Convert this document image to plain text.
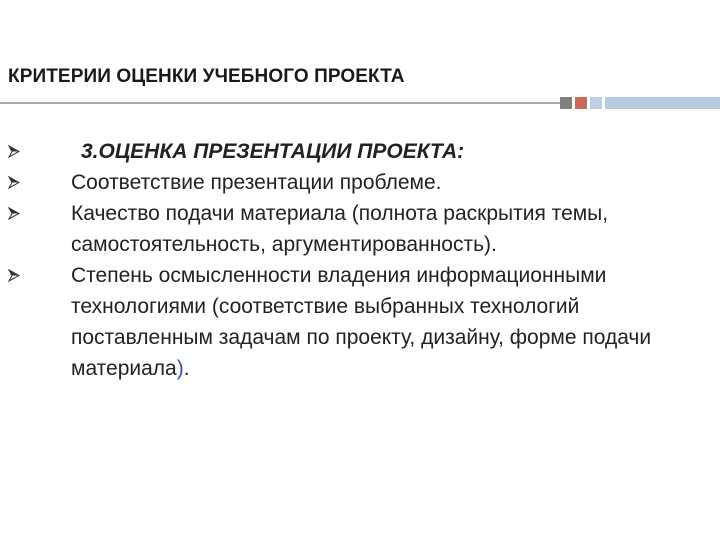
КРИТЕРИИ ОЦЕНКИ УЧЕБНОГО ПРОЕКТА
3.ОЦЕНКА ПРЕЗЕНТАЦИИ ПРОЕКТА:
Соответствие презентации проблеме.
Качество подачи материала (полнота раскрытия темы, самостоятельность, аргументированность).
Степень осмысленности владения информационными технологиями (соответствие выбранных технологий поставленным задачам по проекту, дизайну, форме подачи материала).
